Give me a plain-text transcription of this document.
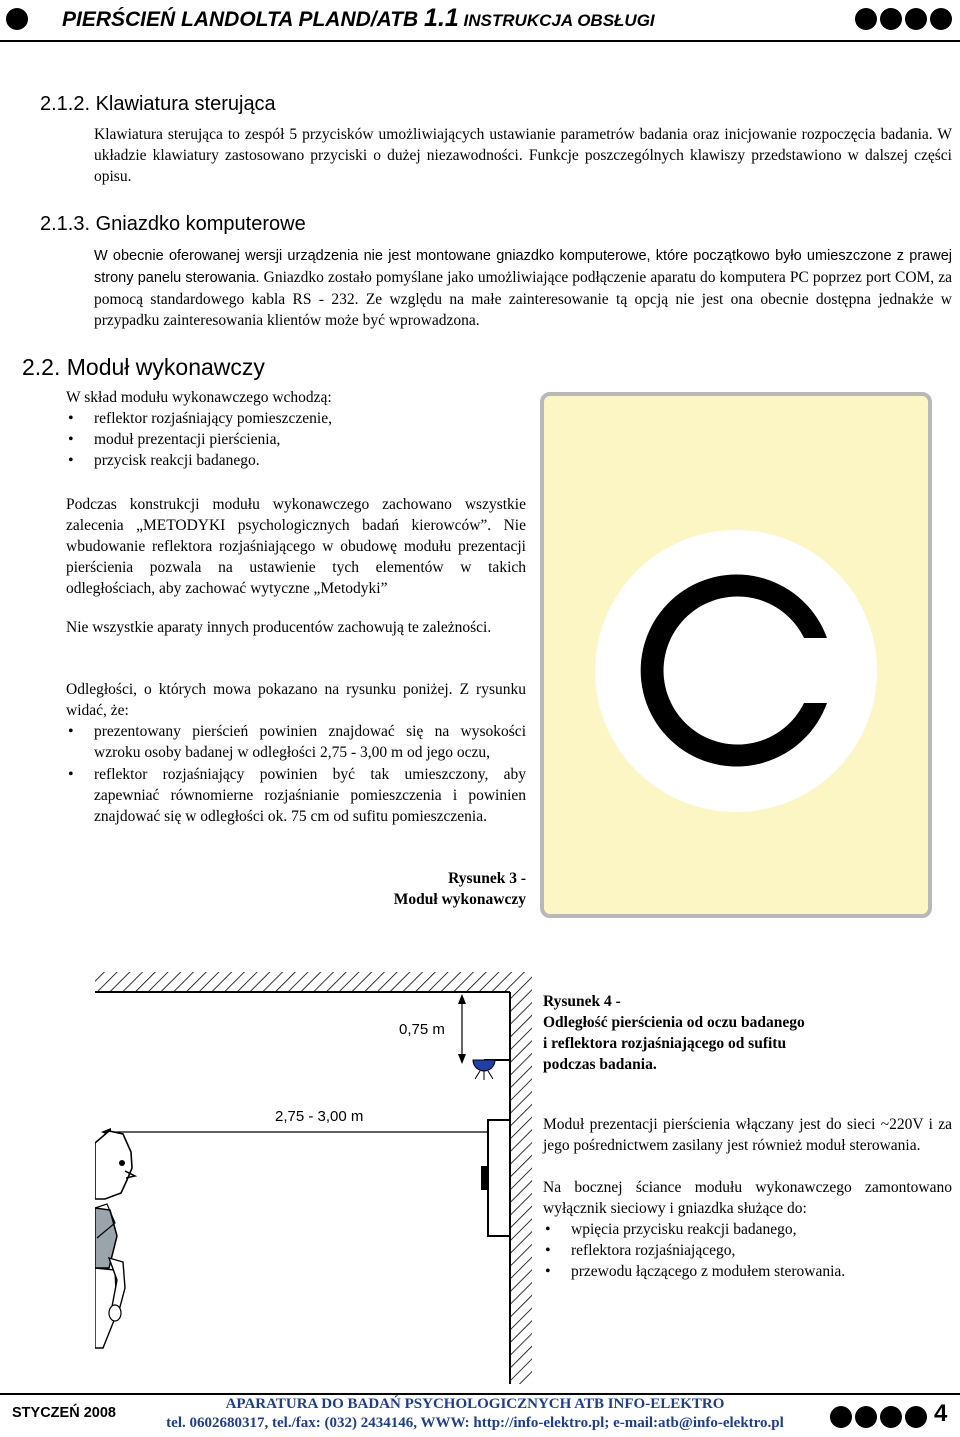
PIERŚCIEŃ LANDOLTA PLAND/ATB 1.1 INSTRUKCJA OBSŁUGI
2.1.2. Klawiatura sterująca

Klawiatura sterująca to zespół 5 przycisków umożliwiających ustawianie parametrów badania oraz inicjowanie rozpoczęcia badania. W układzie klawiatury zastosowano przyciski o dużej niezawodności. Funkcje poszczególnych klawiszy przedstawiono w dalszej części opisu.

2.1.3. Gniazdko komputerowe

W obecnie oferowanej wersji urządzenia nie jest montowane gniazdko komputerowe, które początkowo było umieszczone z prawej strony panelu sterowania. Gniazdko zostało pomyślane jako umożliwiające podłączenie aparatu do komputera PC poprzez port COM, za pomocą standardowego kabla RS - 232. Ze względu na małe zainteresowanie tą opcją nie jest ona obecnie dostępna jednakże w przypadku zainteresowania klientów może być wprowadzona.

2.2. Moduł wykonawczy

W skład modułu wykonawczego wchodzą:

• reflektor rozjaśniający pomieszczenie,
• moduł prezentacji pierścienia,
• przycisk reakcji badanego.

Podczas konstrukcji modułu wykonawczego zachowano wszystkie zalecenia „METODYKI psychologicznych badań kierowców”. Nie wbudowanie reflektora rozjaśniającego w obudowę modułu prezentacji pierścienia pozwala na ustawienie tych elementów w takich odległościach, aby zachować wytyczne „Metodyki”

Nie wszystkie aparaty innych producentów zachowują te zależności.

Odległości, o których mowa pokazano na rysunku poniżej. Z rysunku widać, że:

• prezentowany pierścień powinien znajdować się na wysokości wzroku osoby badanej w odległości 2,75 - 3,00 m od jego oczu,
• reflektor rozjaśniający powinien być tak umieszczony, aby zapewniać równomierne rozjaśnianie pomieszczenia i powinien znajdować się w odległości ok. 75 cm od sufitu pomieszczenia.
Rysunek 3 -
Moduł wykonawczy
0,75 m
2,75 - 3,00 m
Rysunek 4 -
Odległość pierścienia od oczu badanego
i reflektora rozjaśniającego od sufitu
podczas badania.

Moduł prezentacji pierścienia włączany jest do sieci ~220V i za jego pośrednictwem zasilany jest również moduł sterowania.

Na bocznej ściance modułu wykonawczego zamontowano wyłącznik sieciowy i gniazdka służące do:

• wpięcia przycisku reakcji badanego,
• reflektora rozjaśniającego,
• przewodu łączącego z modułem sterowania.
STYCZEŃ 2008
APARATURA DO BADAŃ PSYCHOLOGICZNYCH ATB INFO-ELEKTRO
tel. 0602680317, tel./fax: (032) 2434146, WWW: http://info-elektro.pl; e-mail:atb@info-elektro.pl	4
